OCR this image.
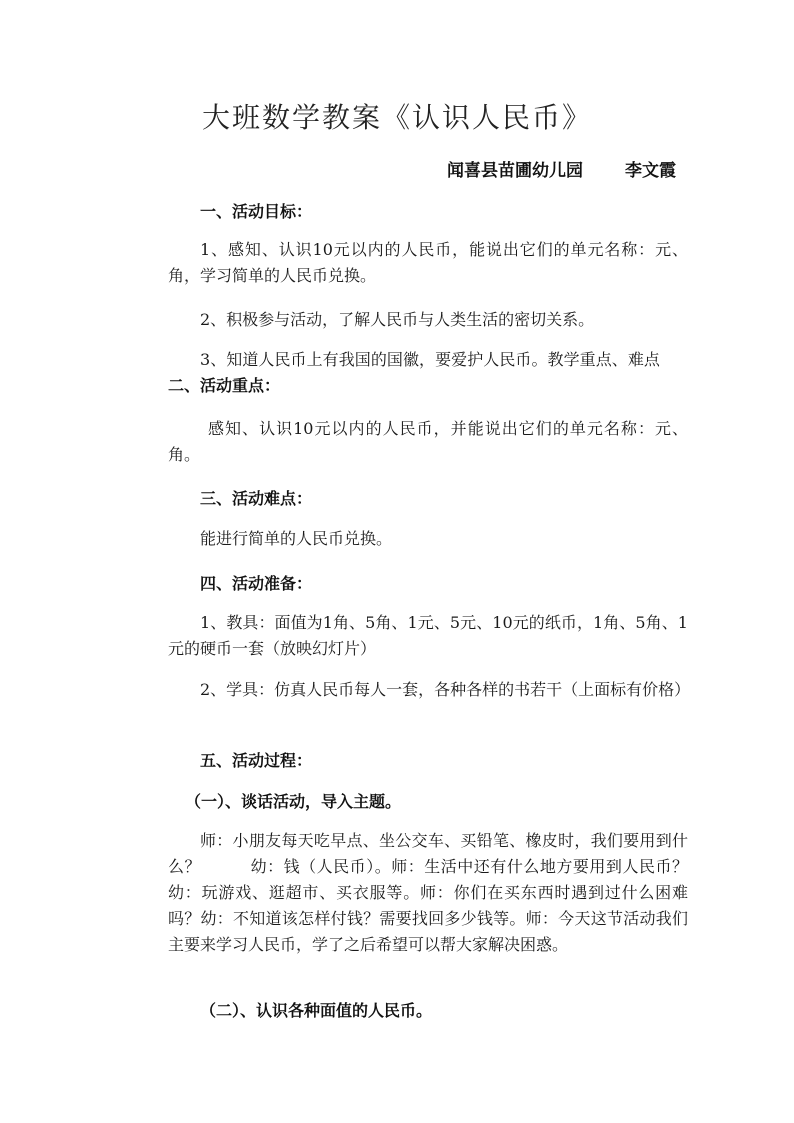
大班数学教案《认识人民币》
闻喜县苗圃幼儿园 李文霞
一、活动目标：
1、感知、认识10元以内的人民币，能说出它们的单元名称：元、角，学习简单的人民币兑换。
2、积极参与活动，了解人民币与人类生活的密切关系。
3、知道人民币上有我国的国徽，要爱护人民币。教学重点、难点二、活动重点：
感知、认识10元以内的人民币，并能说出它们的单元名称：元、角。
三、活动难点：
能进行简单的人民币兑换。
四、活动准备：
1、教具：面值为1角、5角、1元、5元、10元的纸币，1角、5角、1元的硬币一套（放映幻灯片）
2、学具：仿真人民币每人一套，各种各样的书若干（上面标有价格）
五、活动过程：
（一）、谈话活动，导入主题。
师：小朋友每天吃早点、坐公交车、买铅笔、橡皮时，我们要用到什么？　　　幼：钱（人民币）。师：生活中还有什么地方要用到人民币？幼：玩游戏、逛超市、买衣服等。师：你们在买东西时遇到过什么困难吗？幼：不知道该怎样付钱？需要找回多少钱等。师：今天这节活动我们主要来学习人民币，学了之后希望可以帮大家解决困惑。
（二）、认识各种面值的人民币。
